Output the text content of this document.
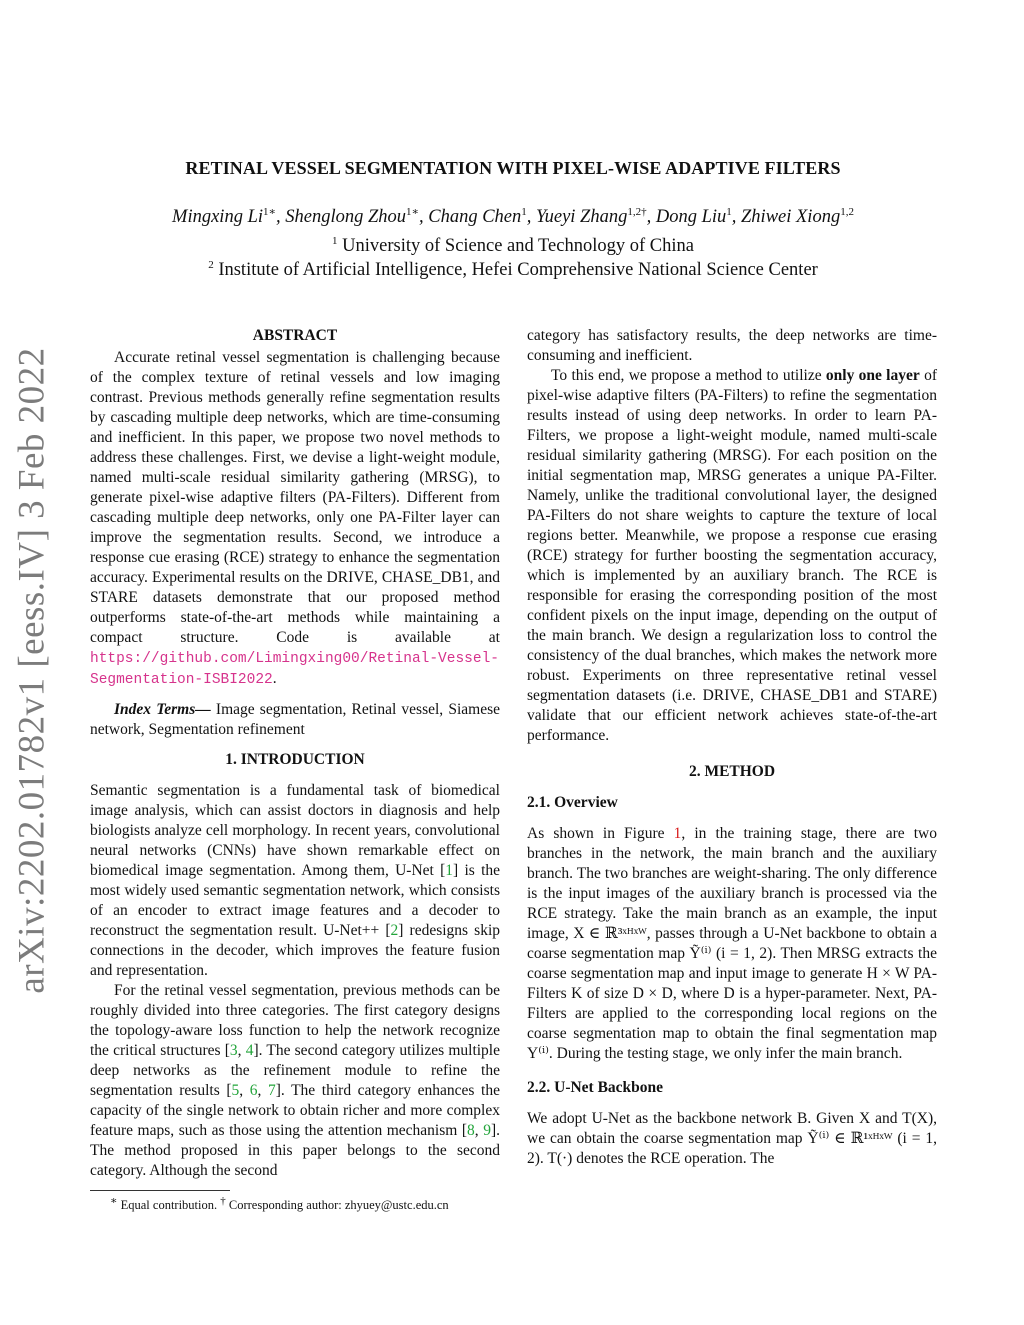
arXiv:2202.01782v1 [eess.IV] 3 Feb 2022
RETINAL VESSEL SEGMENTATION WITH PIXEL-WISE ADAPTIVE FILTERS
Mingxing $Li^{1∗}$, Shenglong Zhou$^{1∗}$, Chang Chen$^1$, Yueyi Zhang$^{1,2\dagger}$, Dong Liu$^1$, Zhiwei Xiong$^{1,2}$
$^1$ University of Science and Technology of China
$^2$ Institute of Artificial Intelligence, Hefei Comprehensive National Science Center
ABSTRACT

Accurate retinal vessel segmentation is challenging because of the complex texture of retinal vessels and low imaging contrast. Previous methods generally refine segmentation results by cascading multiple deep networks, which are time-consuming and inefficient. In this paper, we propose two novel methods to address these challenges. First, we devise a light-weight module, named multi-scale residual similarity gathering (MRSG), to generate pixel-wise adaptive filters (PA-Filters). Different from cascading multiple deep networks, only one PA-Filter layer can improve the segmentation results. Second, we introduce a response cue erasing (RCE) strategy to enhance the segmentation accuracy. Experimental results on the DRIVE, CHASE_DB1, and STARE datasets demonstrate that our proposed method outperforms state-of-the-art methods while maintaining a compact structure. Code is available at https://github.com/Limingxing00/Retinal-Vessel-Segmentation-ISBI2022.

Index Terms— Image segmentation, Retinal vessel, Siamese network, Segmentation refinement

1. INTRODUCTION

Semantic segmentation is a fundamental task of biomedical image analysis, which can assist doctors in diagnosis and help biologists analyze cell morphology. In recent years, convolutional neural networks (CNNs) have shown remarkable effect on biomedical image segmentation. Among them, U-Net [1] is the most widely used semantic segmentation network, which consists of an encoder to extract image features and a decoder to reconstruct the segmentation result. U-Net++ [2] redesigns skip connections in the decoder, which improves the feature fusion and representation.

For the retinal vessel segmentation, previous methods can be roughly divided into three categories. The first category designs the topology-aware loss function to help the network recognize the critical structures [3, 4]. The second category utilizes multiple deep networks as the refinement module to refine the segmentation results [5, 6, 7]. The third category enhances the capacity of the single network to obtain richer and more complex feature maps, such as those using the attention mechanism [8, 9]. The method proposed in this paper belongs to the second category. Although the second

∗ Equal contribution. † Corresponding author: zhyuey@ustc.edu.cn

category has satisfactory results, the deep networks are time-consuming and inefficient.

To this end, we propose a method to utilize only one layer of pixel-wise adaptive filters (PA-Filters) to refine the segmentation results instead of using deep networks. In order to learn PA-Filters, we propose a light-weight module, named multi-scale residual similarity gathering (MRSG). For each position on the initial segmentation map, MRSG generates a unique PA-Filter. Namely, unlike the traditional convolutional layer, the designed PA-Filters do not share weights to capture the texture of local regions better. Meanwhile, we propose a response cue erasing (RCE) strategy for further boosting the segmentation accuracy, which is implemented by an auxiliary branch. The RCE is responsible for erasing the corresponding position of the most confident pixels on the input image, depending on the output of the main branch. We design a regularization loss to control the consistency of the dual branches, which makes the network more robust. Experiments on three representative retinal vessel segmentation datasets (i.e. DRIVE, CHASE_DB1 and STARE) validate that our efficient network achieves state-of-the-art performance.

2. METHOD
2.1. Overview

As shown in Figure 1, in the training stage, there are two branches in the network, the main branch and the auxiliary branch. The two branches are weight-sharing. The only difference is the input images of the auxiliary branch is processed via the RCE strategy. Take the main branch as an example, the input image, X ∈ ℝ³ˣᴴˣᵂ, passes through a U-Net backbone to obtain a coarse segmentation map Ỹ⁽ⁱ⁾ (i = 1, 2). Then MRSG extracts the coarse segmentation map and input image to generate H × W PA-Filters K of size D × D, where D is a hyper-parameter. Next, PA-Filters are applied to the corresponding local regions on the coarse segmentation map to obtain the final segmentation map Y⁽ⁱ⁾. During the testing stage, we only infer the main branch.

2.2. U-Net Backbone

We adopt U-Net as the backbone network B. Given X and T(X), we can obtain the coarse segmentation map Ỹ⁽ⁱ⁾ ∈ ℝ¹ˣᴴˣᵂ (i = 1, 2). T(·) denotes the RCE operation. The
